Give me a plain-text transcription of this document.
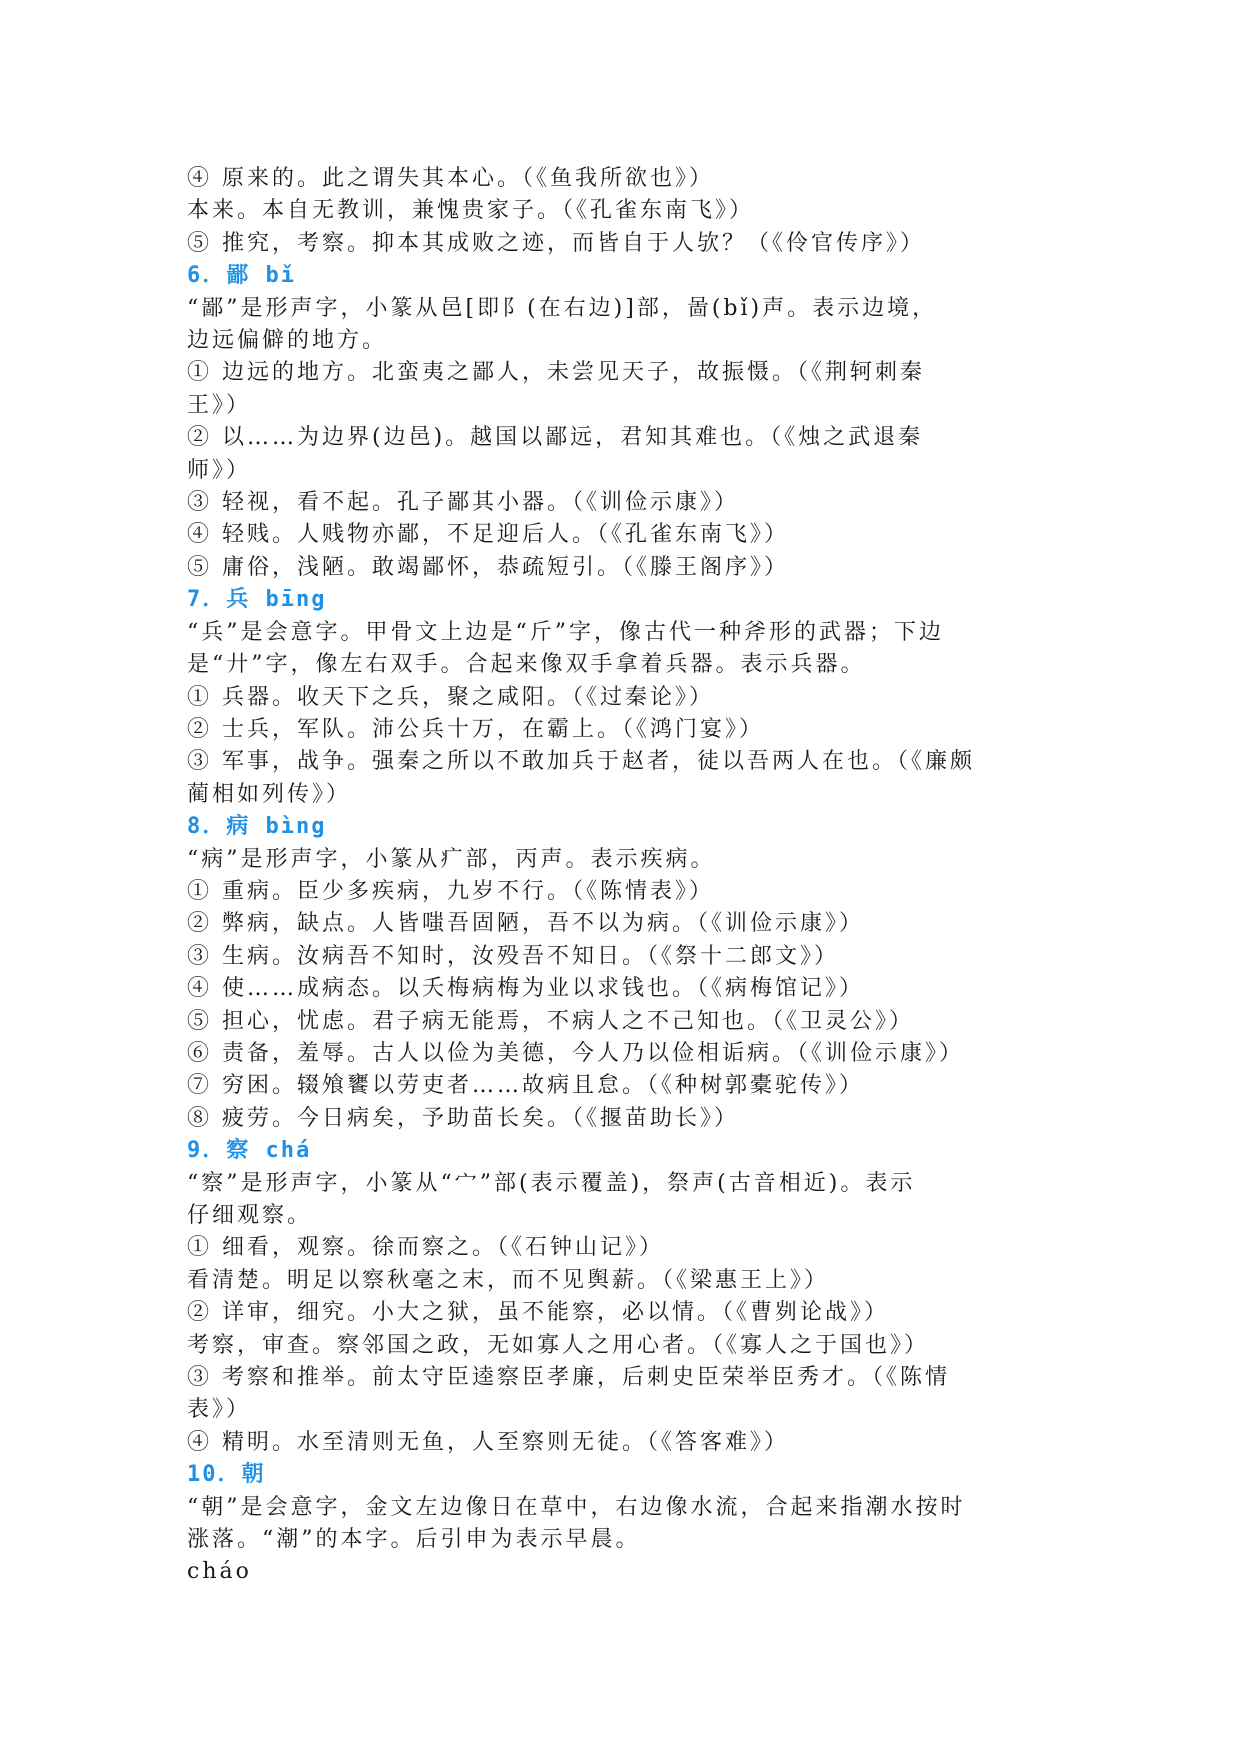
④ 原来的。此之谓失其本心。（《鱼我所欲也》）
本来。本自无教训，兼愧贵家子。（《孔雀东南飞》）
⑤ 推究，考察。抑本其成败之迹，而皆自于人欤？（《伶官传序》）
6．鄙 bǐ
“鄙”是形声字，小篆从邑[即阝(在右边)]部，啚(bǐ)声。表示边境，
边远偏僻的地方。
① 边远的地方。北蛮夷之鄙人，未尝见天子，故振慑。（《荆轲刺秦
王》）
② 以……为边界(边邑)。越国以鄙远，君知其难也。（《烛之武退秦
师》）
③ 轻视，看不起。孔子鄙其小器。（《训俭示康》）
④ 轻贱。人贱物亦鄙，不足迎后人。（《孔雀东南飞》）
⑤ 庸俗，浅陋。敢竭鄙怀，恭疏短引。（《滕王阁序》）
7．兵 bīng
“兵”是会意字。甲骨文上边是“斤”字，像古代一种斧形的武器；下边
是“廾”字，像左右双手。合起来像双手拿着兵器。表示兵器。
① 兵器。收天下之兵，聚之咸阳。（《过秦论》）
② 士兵，军队。沛公兵十万，在霸上。（《鸿门宴》）
③ 军事，战争。强秦之所以不敢加兵于赵者，徒以吾两人在也。（《廉颇
蔺相如列传》）
8．病 bìng
“病”是形声字，小篆从疒部，丙声。表示疾病。
① 重病。臣少多疾病，九岁不行。（《陈情表》）
② 弊病，缺点。人皆嗤吾固陋，吾不以为病。（《训俭示康》）
③ 生病。汝病吾不知时，汝殁吾不知日。（《祭十二郎文》）
④ 使……成病态。以夭梅病梅为业以求钱也。（《病梅馆记》）
⑤ 担心，忧虑。君子病无能焉，不病人之不己知也。（《卫灵公》）
⑥ 责备，羞辱。古人以俭为美德，今人乃以俭相诟病。（《训俭示康》）
⑦ 穷困。辍飧饔以劳吏者……故病且怠。（《种树郭橐驼传》）
⑧ 疲劳。今日病矣，予助苗长矣。（《揠苗助长》）
9．察 chá
“察”是形声字，小篆从“宀”部(表示覆盖)，祭声(古音相近)。表示
仔细观察。
① 细看，观察。徐而察之。（《石钟山记》）
看清楚。明足以察秋毫之末，而不见舆薪。（《梁惠王上》）
② 详审，细究。小大之狱，虽不能察，必以情。（《曹刿论战》）
考察，审查。察邻国之政，无如寡人之用心者。（《寡人之于国也》）
③ 考察和推举。前太守臣逵察臣孝廉，后刺史臣荣举臣秀才。（《陈情
表》）
④ 精明。水至清则无鱼，人至察则无徒。（《答客难》）
10．朝
“朝”是会意字，金文左边像日在草中，右边像水流，合起来指潮水按时
涨落。“潮”的本字。后引申为表示早晨。
cháo
